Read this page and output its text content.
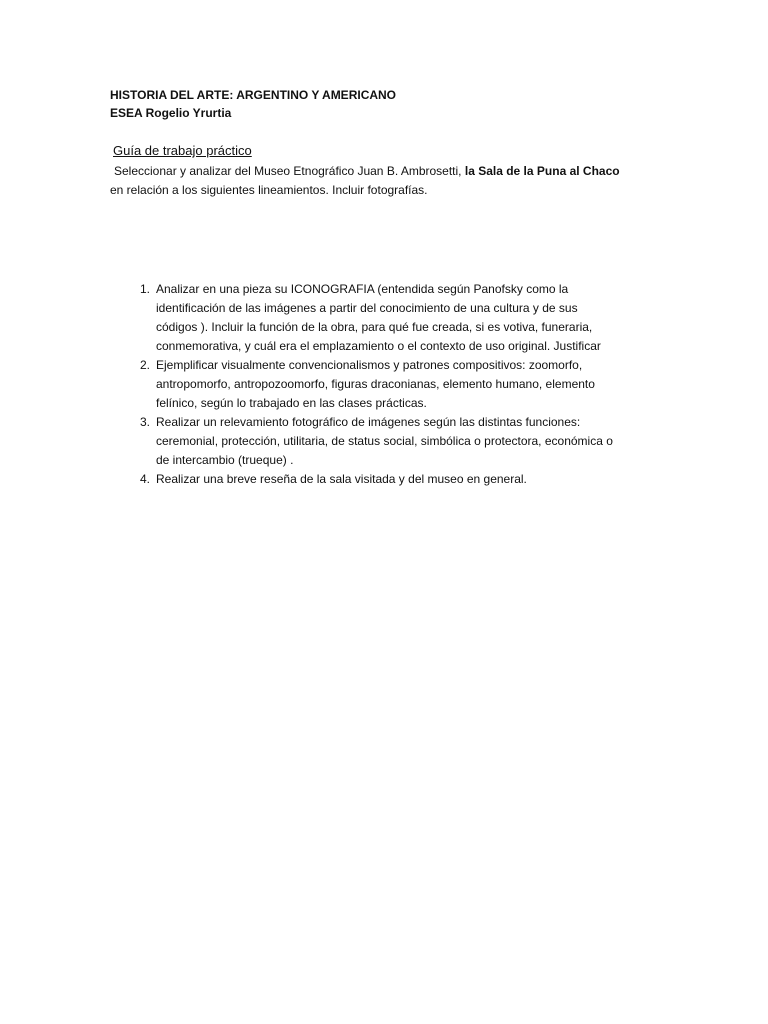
HISTORIA DEL ARTE: ARGENTINO Y AMERICANO
ESEA Rogelio Yrurtia
Guía de trabajo práctico
Seleccionar y analizar del Museo Etnográfico Juan B. Ambrosetti, la Sala de la Puna al Chaco
en relación a los siguientes lineamientos. Incluir fotografías.
1. Analizar en una pieza su ICONOGRAFIA (entendida según Panofsky como la
identificación de las imágenes a partir del conocimiento de una cultura y de sus
códigos ). Incluir la función de la obra, para qué fue creada, si es votiva, funeraria,
conmemorativa, y cuál era el emplazamiento o el contexto de uso original. Justificar
2. Ejemplificar visualmente convencionalismos y patrones compositivos: zoomorfo,
antropomorfo, antropozoomorfo, figuras draconianas, elemento humano, elemento
felínico, según lo trabajado en las clases prácticas.
3. Realizar un relevamiento fotográfico de imágenes según las distintas funciones:
ceremonial, protección, utilitaria, de status social, simbólica o protectora, económica o
de intercambio (trueque) .
4. Realizar una breve reseña de la sala visitada y del museo en general.
